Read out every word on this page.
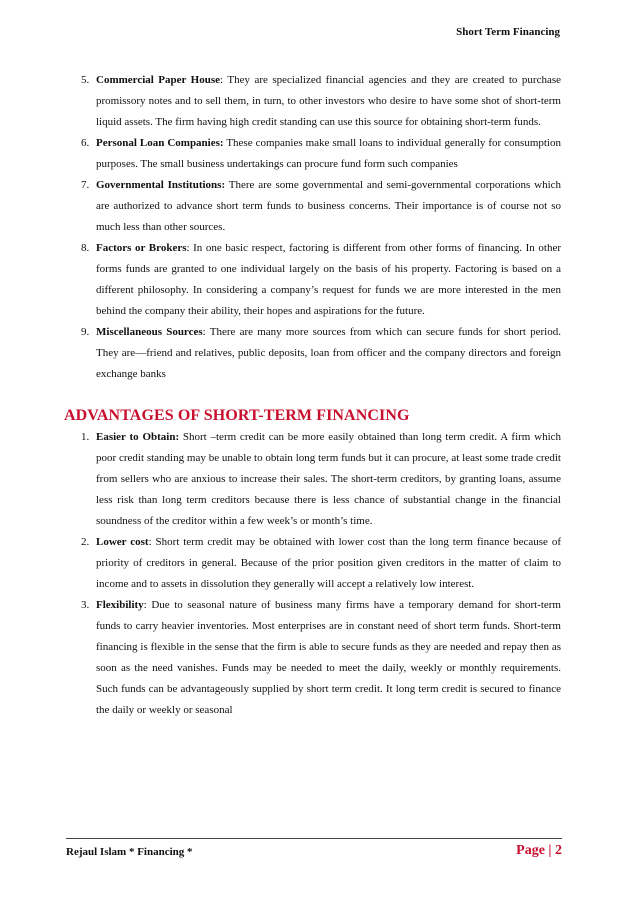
Short Term Financing
5. Commercial Paper House: They are specialized financial agencies and they are created to purchase promissory notes and to sell them, in turn, to other investors who desire to have some shot of short-term liquid assets. The firm having high credit standing can use this source for obtaining short-term funds.
6. Personal Loan Companies: These companies make small loans to individual generally for consumption purposes. The small business undertakings can procure fund form such companies
7. Governmental Institutions: There are some governmental and semi-governmental corporations which are authorized to advance short term funds to business concerns. Their importance is of course not so much less than other sources.
8. Factors or Brokers: In one basic respect, factoring is different from other forms of financing. In other forms funds are granted to one individual largely on the basis of his property. Factoring is based on a different philosophy. In considering a company’s request for funds we are more interested in the men behind the company their ability, their hopes and aspirations for the future.
9. Miscellaneous Sources: There are many more sources from which can secure funds for short period. They are—friend and relatives, public deposits, loan from officer and the company directors and foreign exchange banks
ADVANTAGES OF SHORT-TERM FINANCING
1. Easier to Obtain: Short –term credit can be more easily obtained than long term credit. A firm which poor credit standing may be unable to obtain long term funds but it can procure, at least some trade credit from sellers who are anxious to increase their sales. The short-term creditors, by granting loans, assume less risk than long term creditors because there is less chance of substantial change in the financial soundness of the creditor within a few week’s or month’s time.
2. Lower cost: Short term credit may be obtained with lower cost than the long term finance because of priority of creditors in general. Because of the prior position given creditors in the matter of claim to income and to assets in dissolution they generally will accept a relatively low interest.
3. Flexibility: Due to seasonal nature of business many firms have a temporary demand for short-term funds to carry heavier inventories. Most enterprises are in constant need of short term funds. Short-term financing is flexible in the sense that the firm is able to secure funds as they are needed and repay then as soon as the need vanishes. Funds may be needed to meet the daily, weekly or monthly requirements. Such funds can be advantageously supplied by short term credit. It long term credit is secured to finance the daily or weekly or seasonal
Rejaul Islam * Financing *	Page | 2
